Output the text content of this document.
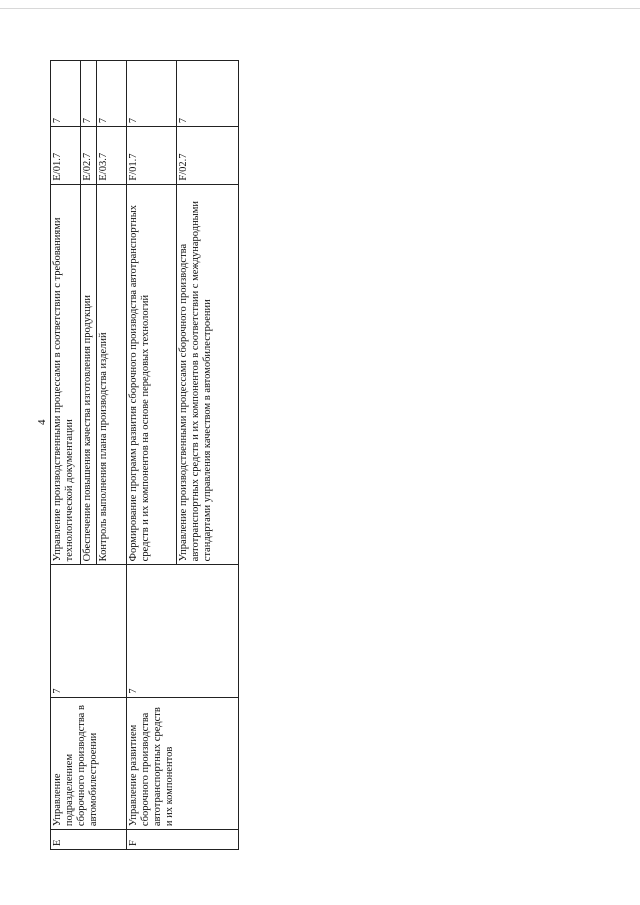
4
E	Управление подразделением сборочного производства в автомобилестроении	7	Управление производственными процессами в соответствии с требованиями технологической документации	E/01.7	7
			Обеспечение повышения качества изготовления продукции	E/02.7	7
			Контроль выполнения плана производства изделий	E/03.7	7
F	Управление развитием сборочного производства автотранспортных средств и их компонентов	7	Формирование программ развития сборочного производства автотранспортных средств и их компонентов на основе передовых технологий	F/01.7	7
			Управление производственными процессами сборочного производства автотранспортных средств и их компонентов в соответствии с международными стандартами управления качеством в автомобилестроении	F/02.7	7
